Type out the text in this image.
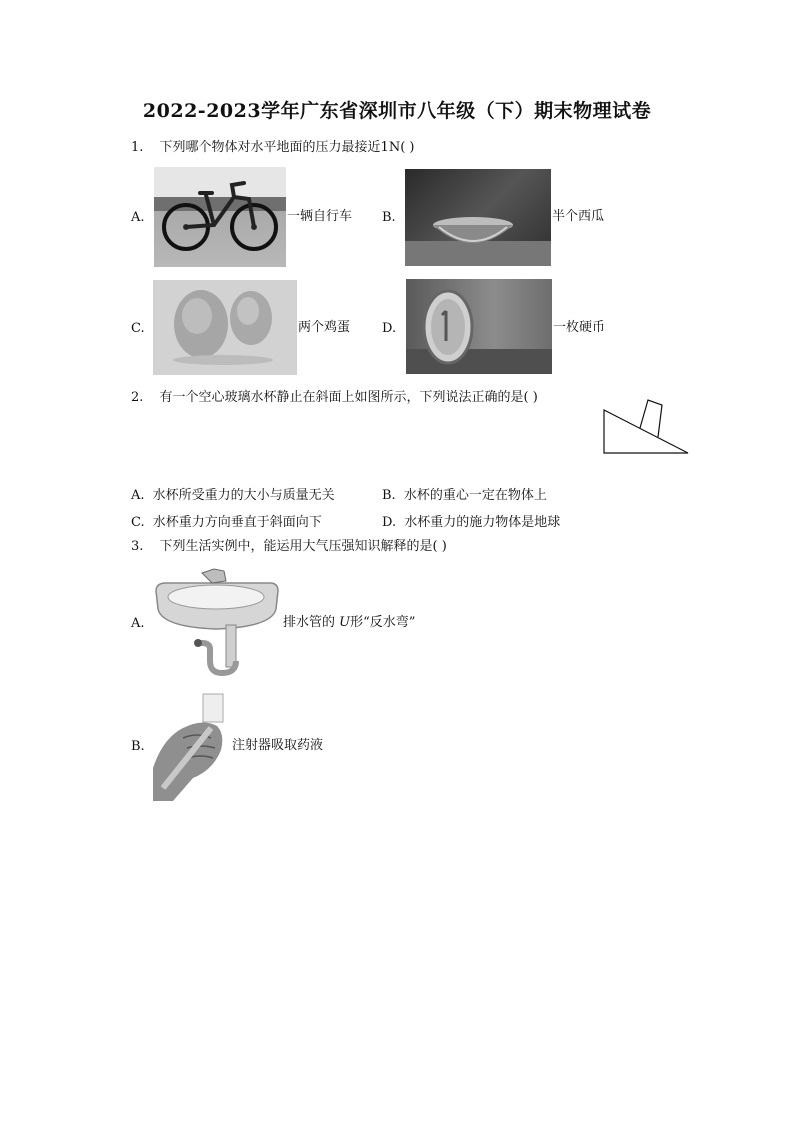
2022-2023学年广东省深圳市八年级（下）期末物理试卷
1. 下列哪个物体对水平地面的压力最接近1N( )
A.	一辆自行车 B.	半个西瓜
C.	两个鸡蛋 D.	一枚硬币
2. 有一个空心玻璃水杯静止在斜面上如图所示，下列说法正确的是( )
A. 水杯所受重力的大小与质量无关	B. 水杯的重心一定在物体上
C. 水杯重力方向垂直于斜面向下	D. 水杯重力的施力物体是地球
3. 下列生活实例中，能运用大气压强知识解释的是( )
A.	排水管的 U形“反水弯”
B.	注射器吸取药液
